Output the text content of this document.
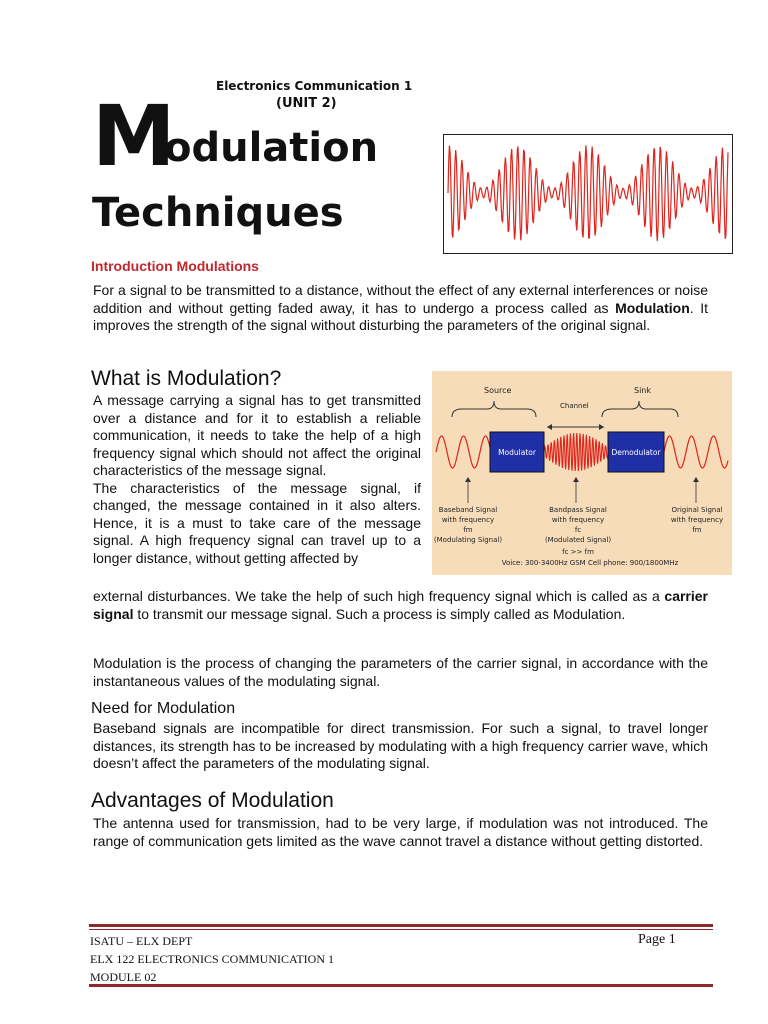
Electronics Communication 1
(UNIT 2)
M
odulation
Techniques
Introduction Modulations

For a signal to be transmitted to a distance, without the effect of any external interferences or noise addition and without getting faded away, it has to undergo a process called as Modulation. It improves the strength of the signal without disturbing the parameters of the original signal.

What is Modulation?

A message carrying a signal has to get transmitted over a distance and for it to establish a reliable communication, it needs to take the help of a high frequency signal which should not affect the original characteristics of the message signal.
The characteristics of the message signal, if changed, the message contained in it also alters. Hence, it is a must to take care of the message signal. A high frequency signal can travel up to a longer distance, without getting affected by

external disturbances. We take the help of such high frequency signal which is called as a carrier signal to transmit our message signal. Such a process is simply called as Modulation.

Source	Sink
Channel
Modulator	Demodulator
Baseband Signal
with frequency
fm
(Modulating Signal)
Bandpass Signal
with frequency
fc
(Modulated Signal)
Original Signal
with frequency
fm
fc >> fm
Voice: 300-3400Hz GSM Cell phone: 900/1800MHz

Modulation is the process of changing the parameters of the carrier signal, in accordance with the instantaneous values of the modulating signal.

Need for Modulation

Baseband signals are incompatible for direct transmission. For such a signal, to travel longer distances, its strength has to be increased by modulating with a high frequency carrier wave, which doesn’t affect the parameters of the modulating signal.

Advantages of Modulation

The antenna used for transmission, had to be very large, if modulation was not introduced. The range of communication gets limited as the wave cannot travel a distance without getting distorted.

ISATU – ELX DEPT
ELX 122 ELECTRONICS COMMUNICATION 1
MODULE 02
Page 1
